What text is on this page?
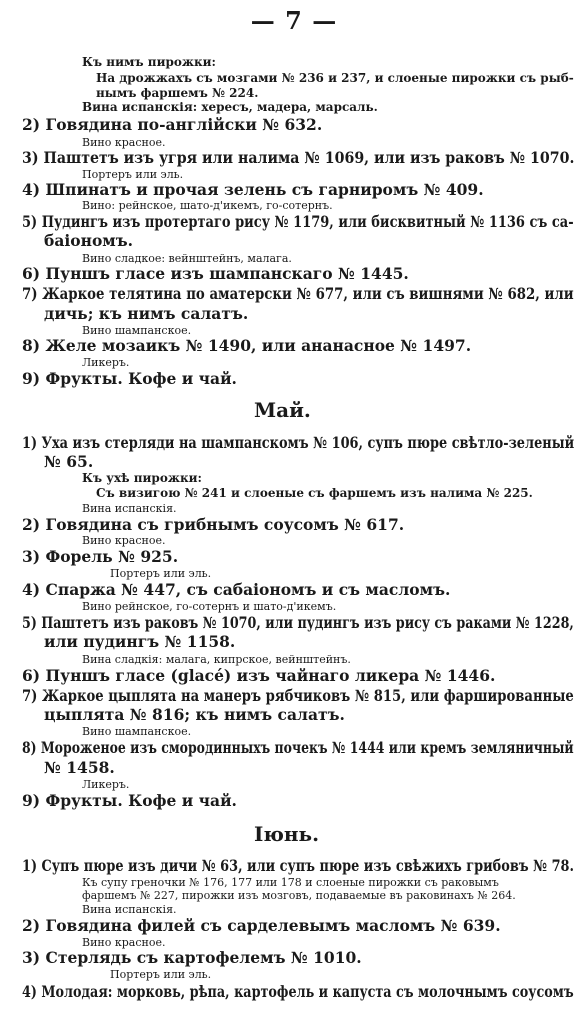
— 7 —
Къ нимъ пирожки:
На дрожжахъ съ мозгами № 236 и 237, и слоеные пирожки съ рыб-
нымъ фаршемъ № 224.
Вина испанскія: хересъ, мадера, марсаль.
2) Говядина по-англійски № 632.
Вино красное.
3) Паштетъ изъ угря или налима № 1069, или изъ раковъ № 1070.
Портеръ или эль.
4) Шпинатъ и прочая зелень съ гарниромъ № 409.
Вино: рейнское, шато-д'икемъ, го-сотернъ.
5) Пудингъ изъ протертаго рису № 1179, или бисквитный № 1136 съ са-
баіономъ.
Вино сладкое: вейнштейнъ, малага.
6) Пуншъ гласе изъ шампанскаго № 1445.
7) Жаркое телятина по аматерски № 677, или съ вишнями № 682, или
дичь; къ нимъ салатъ.
Вино шампанское.
8) Желе мозаикъ № 1490, или ананасное № 1497.
Ликеръ.
9) Фрукты. Кофе и чай.
Май.
1) Уха изъ стерляди на шампанскомъ № 106, супъ пюре свѣтло-зеленый
№ 65.
Къ ухѣ пирожки:
Съ визигою № 241 и слоеные съ фаршемъ изъ налима № 225.
Вина испанскія.
2) Говядина съ грибнымъ соусомъ № 617.
Вино красное.
3) Форель № 925.
Портеръ или эль.
4) Спаржа № 447, съ сабаіономъ и съ масломъ.
Вино рейнское, го-сотернъ и шато-д'икемъ.
5) Паштетъ изъ раковъ № 1070, или пудингъ изъ рису съ раками № 1228,
или пудингъ № 1158.
Вина сладкія: малага, кипрское, вейнштейнъ.
6) Пуншъ гласе (glacé) изъ чайнаго ликера № 1446.
7) Жаркое цыплята на манеръ рябчиковъ № 815, или фаршированные
цыплята № 816; къ нимъ салатъ.
Вино шампанское.
8) Мороженое изъ смородинныхъ почекъ № 1444 или кремъ земляничный
№ 1458.
Ликеръ.
9) Фрукты. Кофе и чай.
Іюнь.
1) Супъ пюре изъ дичи № 63, или супъ пюре изъ свѣжихъ грибовъ № 78.
Къ супу греночки № 176, 177 или 178 и слоеные пирожки съ раковымъ
фаршемъ № 227, пирожки изъ мозговъ, подаваемые въ раковинахъ № 264.
Вина испанскія.
2) Говядина филей съ сарделевымъ масломъ № 639.
Вино красное.
3) Стерлядь съ картофелемъ № 1010.
Портеръ или эль.
4) Молодая: морковь, рѣпа, картофель и капуста съ молочнымъ соусомъ
